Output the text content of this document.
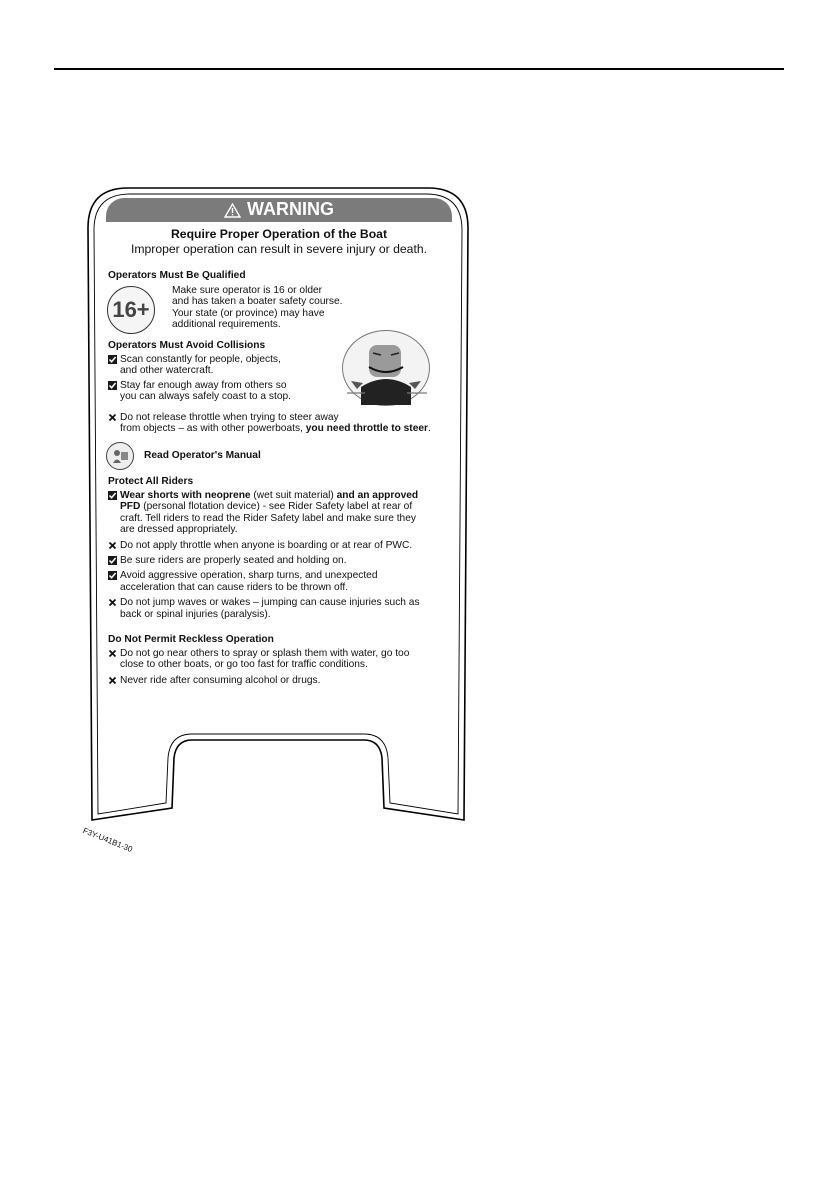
WARNING
Require Proper Operation of the Boat
Improper operation can result in severe injury or death.
Operators Must Be Qualified
16+
Make sure operator is 16 or older
and has taken a boater safety course.
Your state (or province) may have
additional requirements.
Operators Must Avoid Collisions
Scan constantly for people, objects,
and other watercraft.
Stay far enough away from others so
you can always safely coast to a stop.
Do not release throttle when trying to steer away
from objects – as with other powerboats, you need throttle to steer.
Read Operator's Manual
Protect All Riders
Wear shorts with neoprene (wet suit material) and an approved
PFD (personal flotation device) - see Rider Safety label at rear of
craft. Tell riders to read the Rider Safety label and make sure they
are dressed appropriately.
Do not apply throttle when anyone is boarding or at rear of PWC.
Be sure riders are properly seated and holding on.
Avoid aggressive operation, sharp turns, and unexpected
acceleration that can cause riders to be thrown off.
Do not jump waves or wakes – jumping can cause injuries such as
back or spinal injuries (paralysis).
Do Not Permit Reckless Operation
Do not go near others to spray or splash them with water, go too
close to other boats, or go too fast for traffic conditions.
Never ride after consuming alcohol or drugs.
F3Y-U41B1-30
